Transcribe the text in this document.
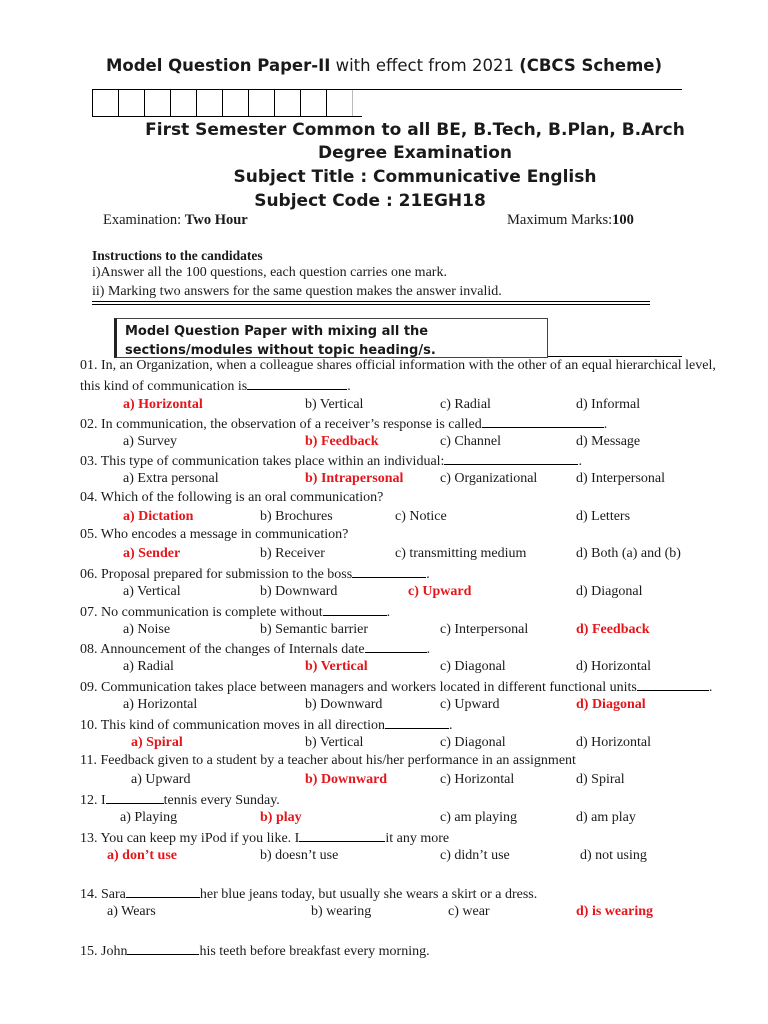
Model Question Paper-II with effect from 2021 (CBCS Scheme)
First Semester Common to all BE, B.Tech, B.Plan, B.Arch
Degree Examination
Subject Title : Communicative English
Subject Code : 21EGH18
Examination: Two Hour	Maximum Marks:100
Instructions to the candidates
i)Answer all the 100 questions, each question carries one mark.
ii) Marking two answers for the same question makes the answer invalid.
Model Question Paper with mixing all the sections/modules without topic heading/s.
01. In, an Organization, when a colleague shares official information with the other of an equal hierarchical level,
this kind of communication is	.
a) Horizontal	b) Vertical	c) Radial	d) Informal
02. In communication, the observation of a receiver’s response is called	.
a) Survey	b) Feedback	c) Channel	d) Message
03. This type of communication takes place within an individual:	.
a) Extra personal	b) Intrapersonal	c) Organizational	d) Interpersonal
04. Which of the following is an oral communication?
a) Dictation	b) Brochures	c) Notice	d) Letters
05. Who encodes a message in communication?
a) Sender	b) Receiver	c) transmitting medium	d) Both (a) and (b)
06. Proposal prepared for submission to the boss	.
a) Vertical	b) Downward	c) Upward	d) Diagonal
07. No communication is complete without	.
a) Noise	b) Semantic barrier	c) Interpersonal	d) Feedback
08. Announcement of the changes of Internals date	.
a) Radial	b) Vertical	c) Diagonal	d) Horizontal
09. Communication takes place between managers and workers located in different functional units	.
a) Horizontal	b) Downward	c) Upward	d) Diagonal
10. This kind of communication moves in all direction	.
a) Spiral	b) Vertical	c) Diagonal	d) Horizontal
11. Feedback given to a student by a teacher about his/her performance in an assignment
a) Upward	b) Downward	c) Horizontal	d) Spiral
12. I	tennis every Sunday.
a) Playing	b) play	c) am playing	d) am play
13. You can keep my iPod if you like. I	it any more
a) don’t use	b) doesn’t use	c) didn’t use	d) not using
14. Sara	her blue jeans today, but usually she wears a skirt or a dress.
a) Wears	b) wearing	c) wear	d) is wearing
15. John	his teeth before breakfast every morning.
